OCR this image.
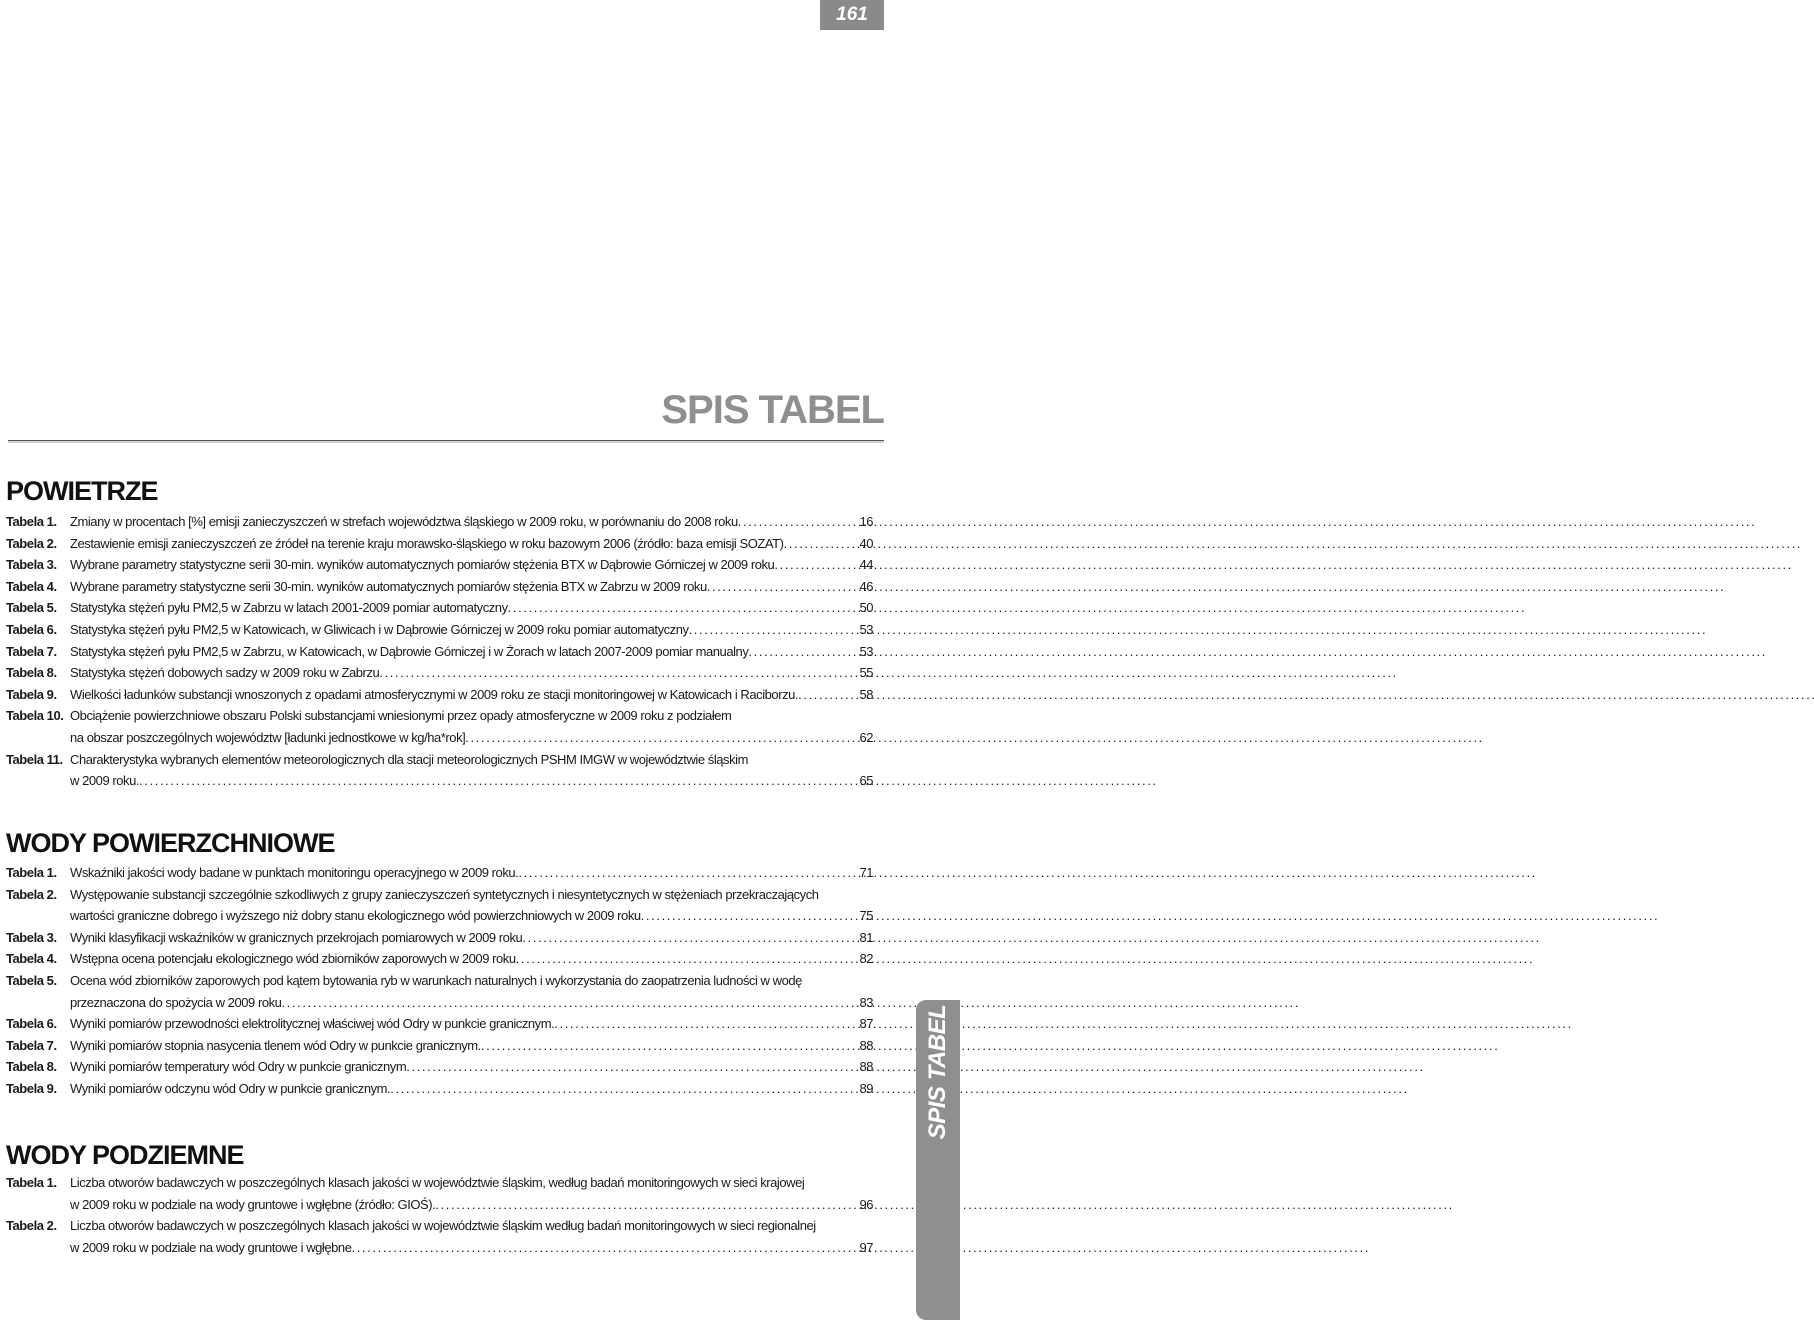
161
SPIS TABEL
POWIETRZE
Tabela 1.	Zmiany w procentach [%] emisji zanieczyszczeń w strefach województwa śląskiego w 2009 roku, w porównaniu do 2008 roku . . .	16
Tabela 2.	Zestawienie emisji zanieczyszczeń ze źródeł na terenie kraju morawsko-śląskiego w roku bazowym 2006 (źródło: baza emisji SOZAT) . . .	40
Tabela 3.	Wybrane parametry statystyczne serii 30-min. wyników automatycznych pomiarów stężenia BTX w Dąbrowie Górniczej w 2009 roku . . .	44
Tabela 4.	Wybrane parametry statystyczne serii 30-min. wyników automatycznych pomiarów stężenia BTX w Zabrzu w 2009 roku . . .	46
Tabela 5.	Statystyka stężeń pyłu PM2,5 w Zabrzu w latach 2001-2009 pomiar automatyczny . . .	50
Tabela 6.	Statystyka stężeń pyłu PM2,5 w Katowicach, w Gliwicach i w Dąbrowie Górniczej w 2009 roku pomiar automatyczny . . .	53
Tabela 7.	Statystyka stężeń pyłu PM2,5 w Zabrzu, w Katowicach, w Dąbrowie Górniczej i w Żorach w latach 2007-2009 pomiar manualny . . .	53
Tabela 8.	Statystyka stężeń dobowych sadzy w 2009 roku w Zabrzu . . .	55
Tabela 9.	Wielkości ładunków substancji wnoszonych z opadami atmosferycznymi w 2009 roku ze stacji monitoringowej w Katowicach i Raciborzu. . . .	58
Tabela 10. Obciążenie powierzchniowe obszaru Polski substancjami wniesionymi przez opady atmosferyczne w 2009 roku z podziałem
na obszar poszczególnych województw [ładunki jednostkowe w kg/ha*rok] . . .	62
Tabela 11. Charakterystyka wybranych elementów meteorologicznych dla stacji meteorologicznych PSHM IMGW w województwie śląskim
w 2009 roku. . . .	65
WODY POWIERZCHNIOWE
Tabela 1.	Wskaźniki jakości wody badane w punktach monitoringu operacyjnego w 2009 roku. . . .	71
Tabela 2.	Występowanie substancji szczególnie szkodliwych z grupy zanieczyszczeń syntetycznych i niesyntetycznych w stężeniach przekraczających
wartości graniczne dobrego i wyższego niż dobry stanu ekologicznego wód powierzchniowych w 2009 roku . . .	75
Tabela 3.	Wyniki klasyfikacji wskaźników w granicznych przekrojach pomiarowych w 2009 roku . . .	81
Tabela 4.	Wstępna ocena potencjału ekologicznego wód zbiorników zaporowych w 2009 roku . . .	82
Tabela 5.	Ocena wód zbiorników zaporowych pod kątem bytowania ryb w warunkach naturalnych i wykorzystania do zaopatrzenia ludności w wodę
przeznaczona do spożycia w 2009 roku . . .	83
Tabela 6.	Wyniki pomiarów przewodności elektrolitycznej właściwej wód Odry w punkcie granicznym. . . .	87
Tabela 7.	Wyniki pomiarów stopnia nasycenia tlenem wód Odry w punkcie granicznym. . . .	88
Tabela 8.	Wyniki pomiarów temperatury wód Odry w punkcie granicznym . . .	88
Tabela 9.	Wyniki pomiarów odczynu wód Odry w punkcie granicznym. . . .	89
WODY PODZIEMNE
Tabela 1.	Liczba otworów badawczych w poszczególnych klasach jakości w województwie śląskim, według badań monitoringowych w sieci krajowej
w 2009 roku w podziale na wody gruntowe i wgłębne (źródło: GIOŚ). . . .	96
Tabela 2.	Liczba otworów badawczych w poszczególnych klasach jakości w województwie śląskim według badań monitoringowych w sieci regionalnej
w 2009 roku w podziale na wody gruntowe i wgłębne . . .	97
SPIS TABEL
